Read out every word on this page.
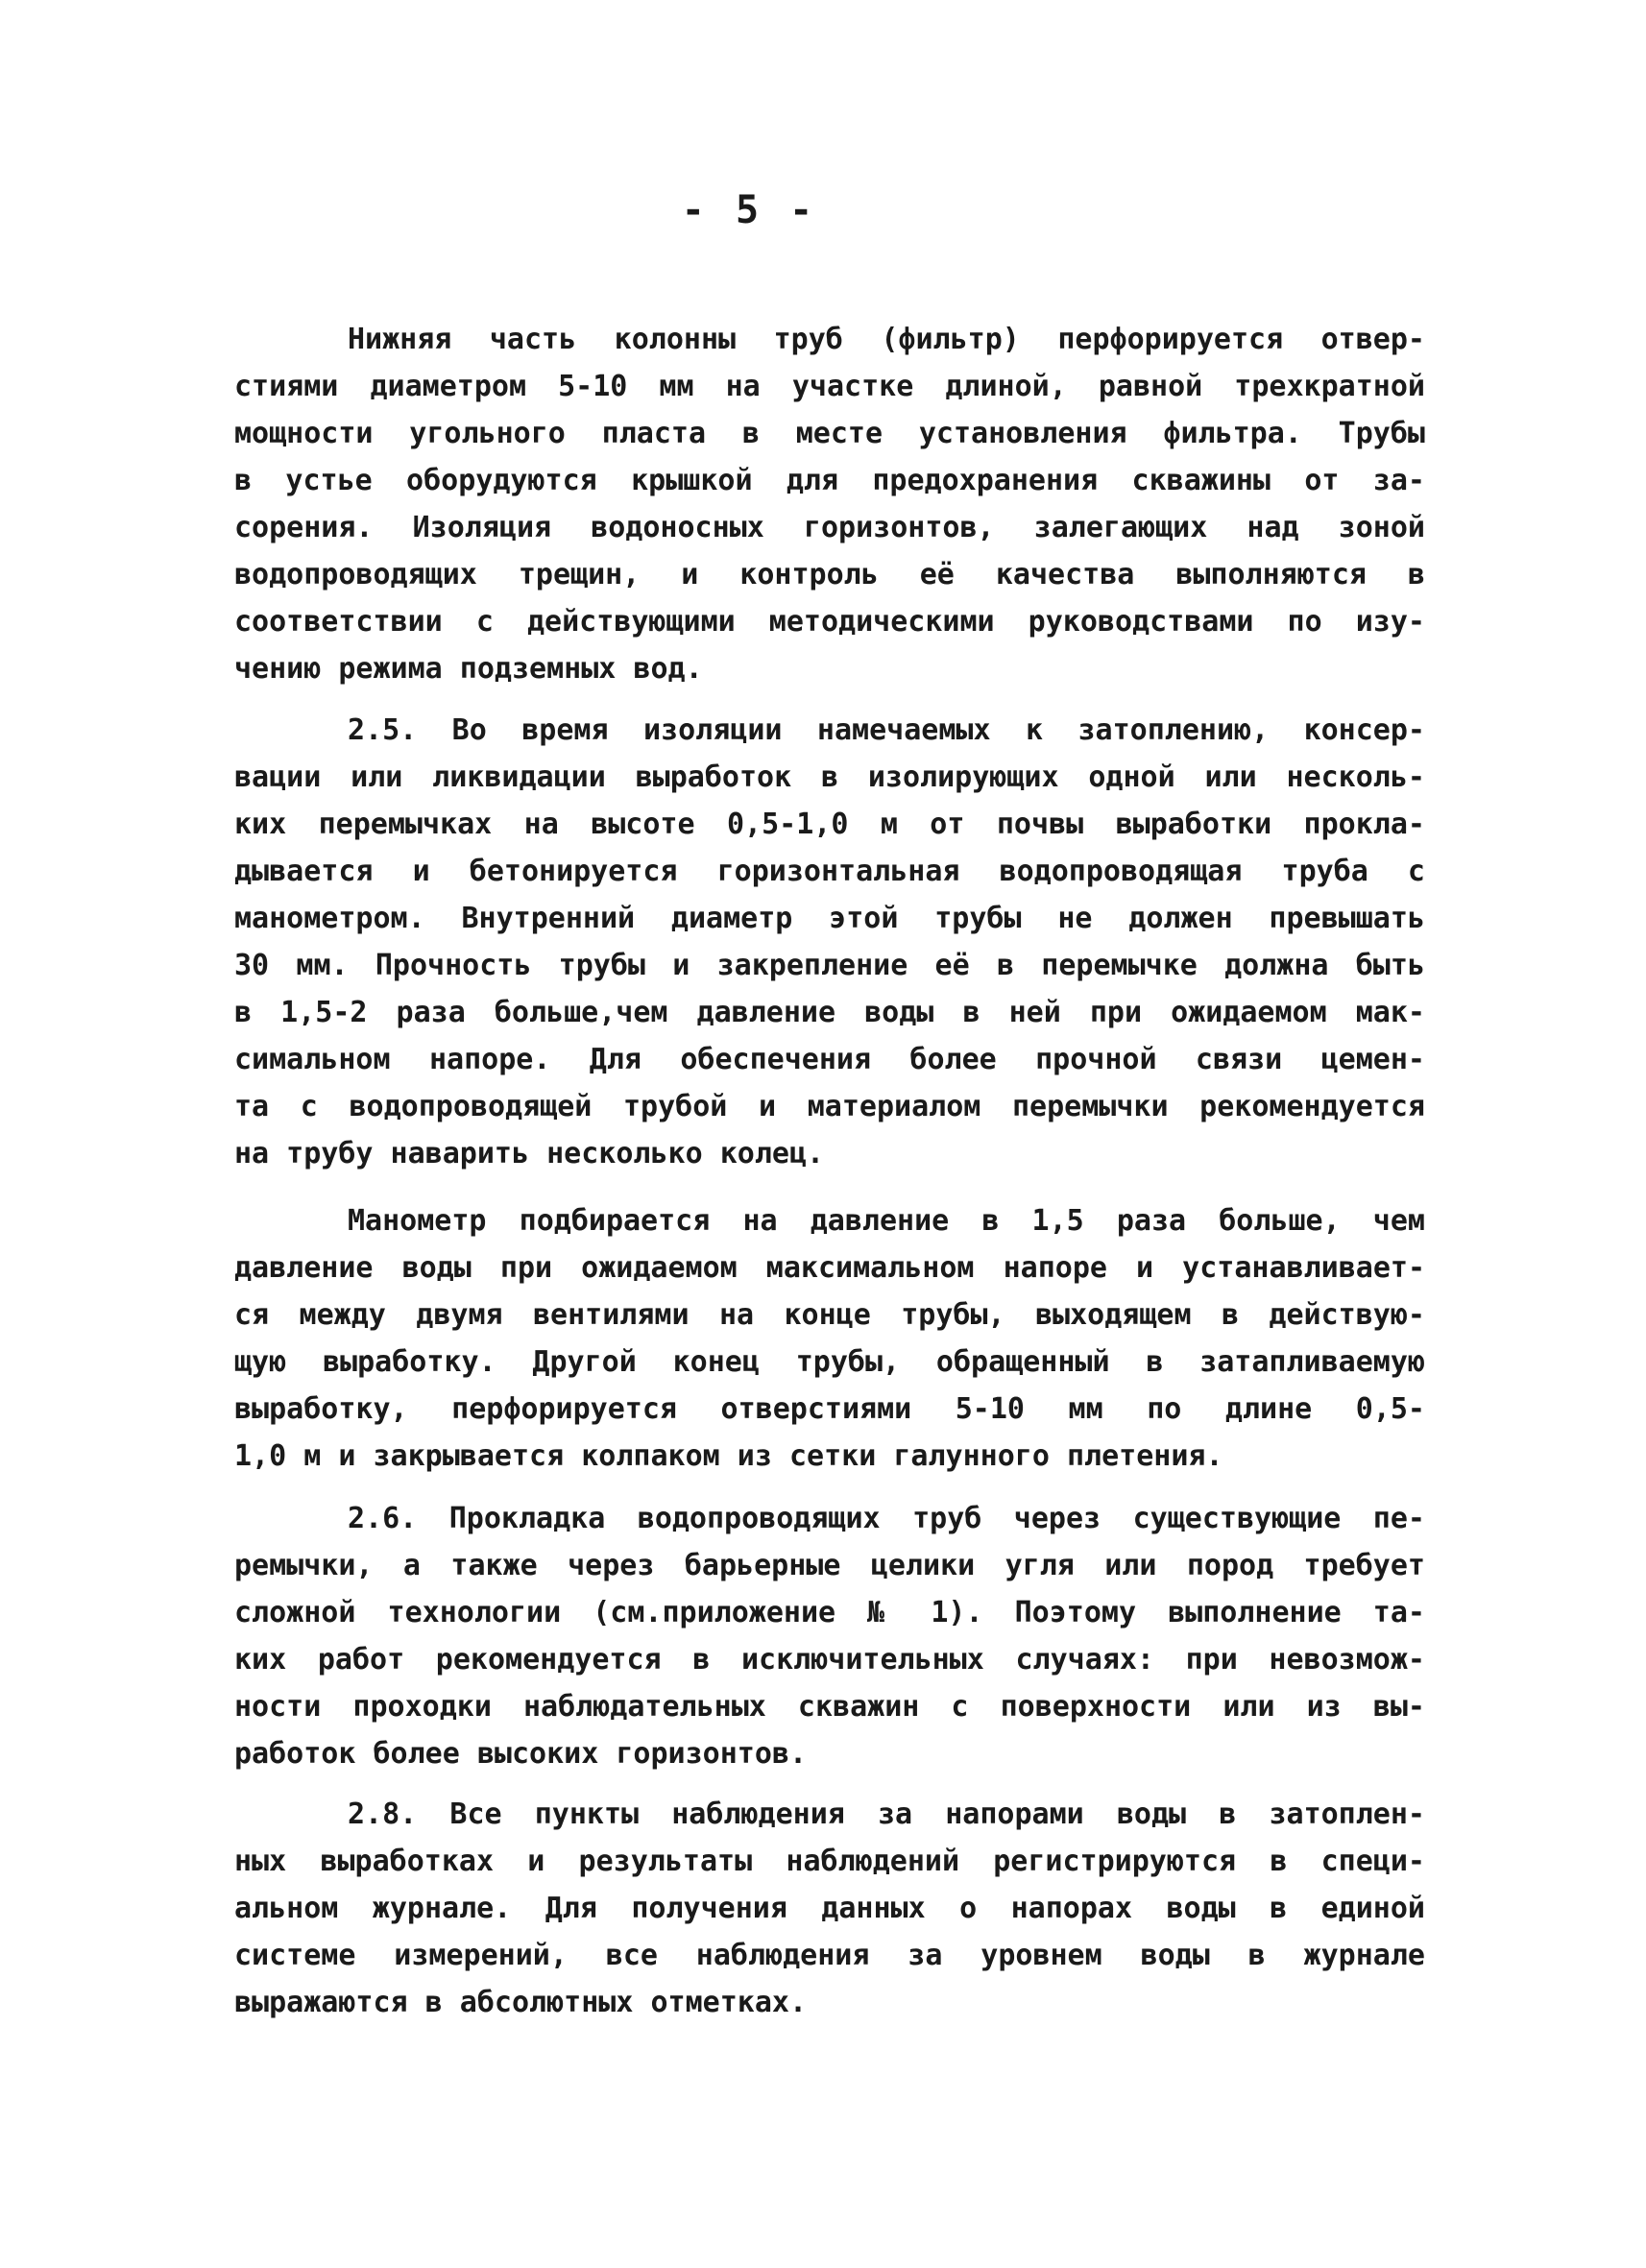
- 5 -
Нижняя часть колонны труб (фильтр) перфорируется отвер-
стиями диаметром 5-10 мм на участке длиной, равной трехкратной
мощности угольного пласта в месте установления фильтра. Трубы
в устье оборудуются крышкой для предохранения скважины от за-
сорения. Изоляция водоносных горизонтов, залегающих над зоной
водопроводящих трещин, и контроль её качества выполняются в
соответствии с действующими методическими руководствами по изу-
чению режима подземных вод.
2.5. Во время изоляции намечаемых к затоплению, консер-
вации или ликвидации выработок в изолирующих одной или несколь-
ких перемычках на высоте 0,5-1,0 м от почвы выработки прокла-
дывается и бетонируется горизонтальная водопроводящая труба с
манометром. Внутренний диаметр этой трубы не должен превышать
30 мм. Прочность трубы и закрепление её в перемычке должна быть
в 1,5-2 раза больше,чем давление воды в ней при ожидаемом мак-
симальном напоре. Для обеспечения более прочной связи цемен-
та с водопроводящей трубой и материалом перемычки рекомендуется
на трубу наварить несколько колец.
Манометр подбирается на давление в 1,5 раза больше, чем
давление воды при ожидаемом максимальном напоре и устанавливает-
ся между двумя вентилями на конце трубы, выходящем в действую-
щую выработку. Другой конец трубы, обращенный в затапливаемую
выработку, перфорируется отверстиями 5-10 мм по длине 0,5-
1,0 м и закрывается колпаком из сетки галунного плетения.
2.6. Прокладка водопроводящих труб через существующие пе-
ремычки, а также через барьерные целики угля или пород требует
сложной технологии (см.приложение № 1). Поэтому выполнение та-
ких работ рекомендуется в исключительных случаях: при невозмож-
ности проходки наблюдательных скважин с поверхности или из вы-
работок более высоких горизонтов.
2.8. Все пункты наблюдения за напорами воды в затоплен-
ных выработках и результаты наблюдений регистрируются в специ-
альном журнале. Для получения данных о напорах воды в единой
системе измерений, все наблюдения за уровнем воды в журнале
выражаются в абсолютных отметках.
